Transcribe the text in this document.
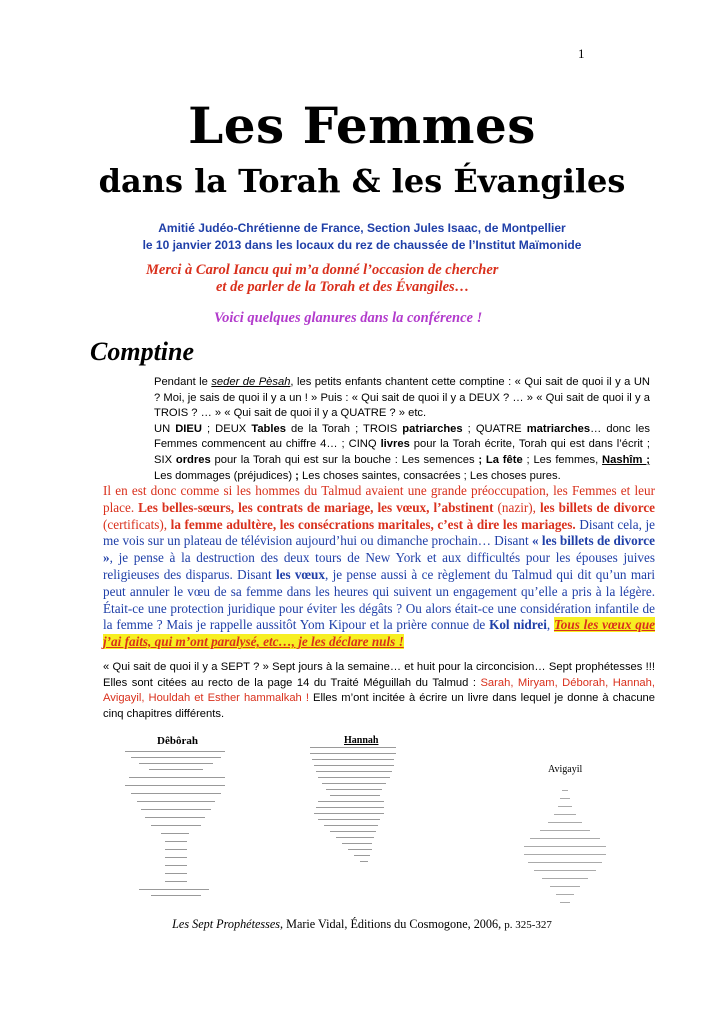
1
Les Femmes
dans la Torah & les Évangiles
Amitié Judéo-Chrétienne de France, Section Jules Isaac, de Montpellier
le 10 janvier 2013 dans les locaux du rez de chaussée de l’Institut Maïmonide
Merci à Carol Iancu qui m’a donné l’occasion de chercher
et de parler de la Torah et des Évangiles…
Voici quelques glanures dans la conférence !
Comptine
Pendant le seder de Pèsah, les petits enfants chantent cette comptine : « Qui sait de quoi il y a UN ? Moi, je sais de quoi il y a un ! » Puis : « Qui sait de quoi il y a DEUX ? … » « Qui sait de quoi il y a TROIS ? … » « Qui sait de quoi il y a QUATRE ? » etc.
UN DIEU ; DEUX Tables de la Torah ; TROIS patriarches ; QUATRE matriarches… donc les Femmes commencent au chiffre 4… ; CINQ livres pour la Torah écrite, Torah qui est dans l’écrit ; SIX ordres pour la Torah qui est sur la bouche : Les semences ; La fête ; Les femmes, Nashîm ; Les dommages (préjudices) ; Les choses saintes, consacrées ; Les choses pures.
Il en est donc comme si les hommes du Talmud avaient une grande préoccupation, les Femmes et leur place. Les belles-sœurs, les contrats de mariage, les vœux, l’abstinent (nazir), les billets de divorce (certificats), la femme adultère, les consécrations maritales, c’est à dire les mariages. Disant cela, je me vois sur un plateau de télévision aujourd’hui ou dimanche prochain… Disant « les billets de divorce », je pense à la destruction des deux tours de New York et aux difficultés pour les épouses juives religieuses des disparus. Disant les vœux, je pense aussi à ce règlement du Talmud qui dit qu’un mari peut annuler le vœu de sa femme dans les heures qui suivent un engagement qu’elle a pris à la légère. Était-ce une protection juridique pour éviter les dégâts ? Ou alors était-ce une considération infantile de la femme ? Mais je rappelle aussitôt Yom Kipour et la prière connue de Kol nidrei, Tous les vœux que j’ai faits, qui m’ont paralysé, etc…, je les déclare nuls !
« Qui sait de quoi il y a SEPT ? » Sept jours à la semaine… et huit pour la circoncision… Sept prophétesses !!! Elles sont citées au recto de la page 14 du Traité Méguillah du Talmud : Sarah, Miryam, Déborah, Hannah, Avigayil, Houldah et Esther hammalkah ! Elles m’ont incitée à écrire un livre dans lequel je donne à chacune cinq chapitres différents.
Dêbôrah	Hannah
Avigayil
Les Sept Prophétesses, Marie Vidal, Éditions du Cosmogone, 2006, p. 325-327
